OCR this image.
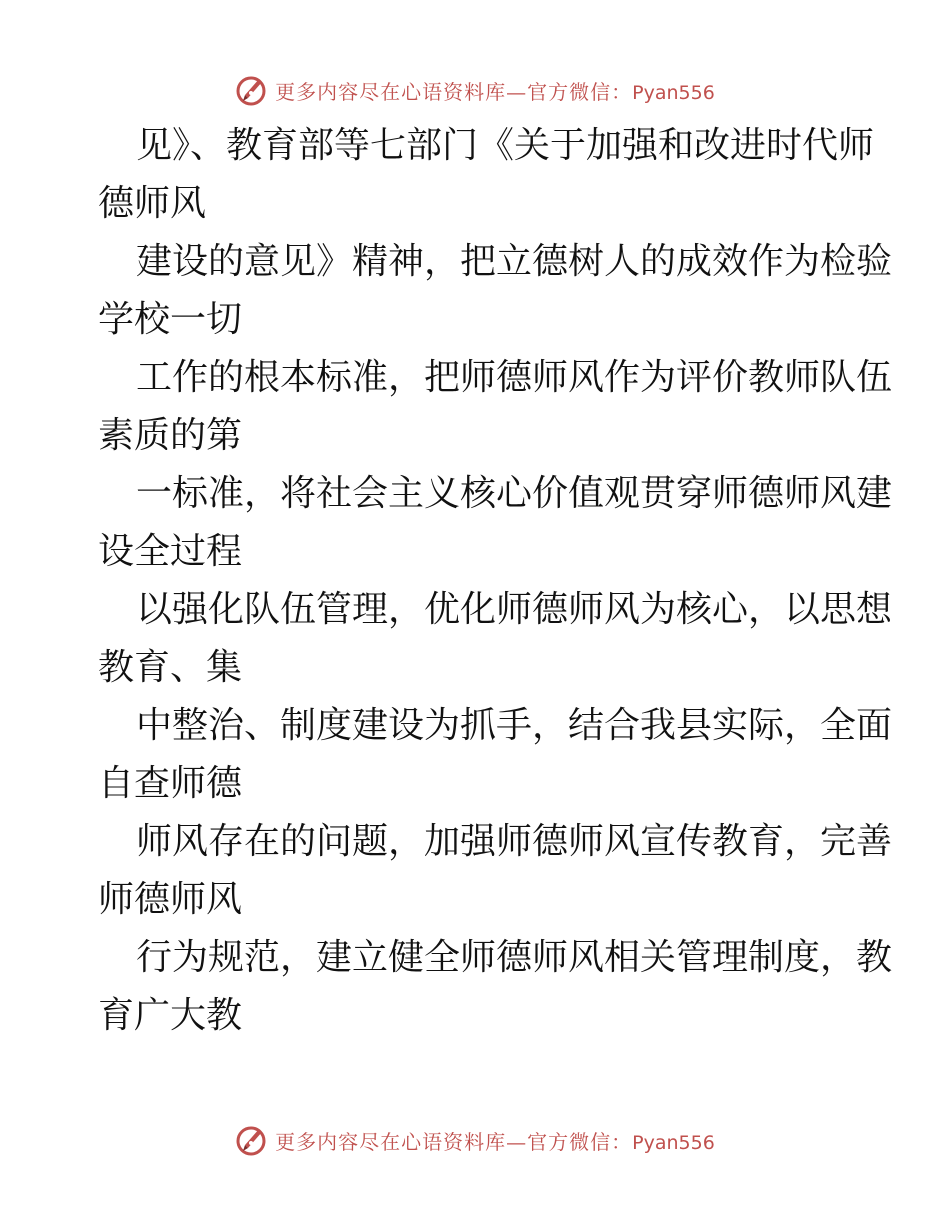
更多内容尽在心语资料库—官方微信：Pyan556
见》、教育部等七部门《关于加强和改进时代师
德师风
建设的意见》精神，把立德树人的成效作为检验
学校一切
工作的根本标准，把师德师风作为评价教师队伍
素质的第
一标准，将社会主义核心价值观贯穿师德师风建
设全过程
以强化队伍管理，优化师德师风为核心，以思想
教育、集
中整治、制度建设为抓手，结合我县实际，全面
自查师德
师风存在的问题，加强师德师风宣传教育，完善
师德师风
行为规范，建立健全师德师风相关管理制度，教
育广大教
更多内容尽在心语资料库—官方微信：Pyan556
